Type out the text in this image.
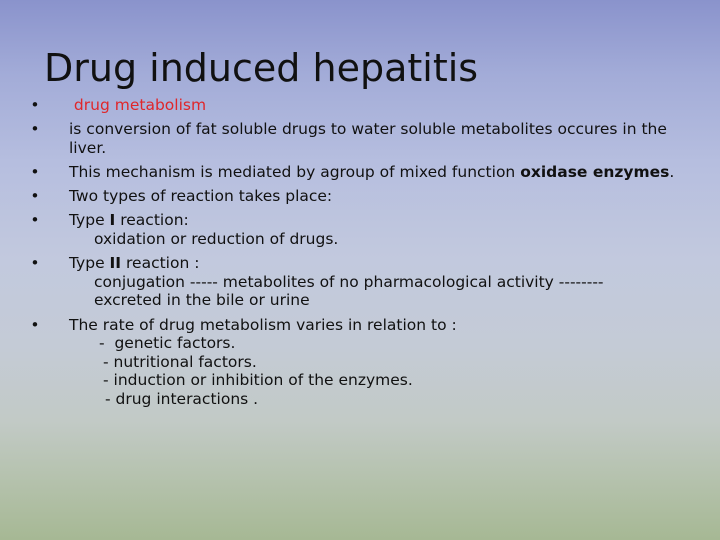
Drug induced hepatitis
• drug metabolism
• is conversion of fat soluble drugs to water soluble metabolites occures in the liver.
• This mechanism is mediated by agroup of mixed function oxidase enzymes.
• Two types of reaction takes place:
• Type I reaction:
oxidation or reduction of drugs.
• Type II reaction :
conjugation ----- metabolites of no pharmacological activity -------- excreted in the bile or urine
• The rate of drug metabolism varies in relation to :
-  genetic factors.
- nutritional factors.
- induction or inhibition of the enzymes.
- drug interactions .
